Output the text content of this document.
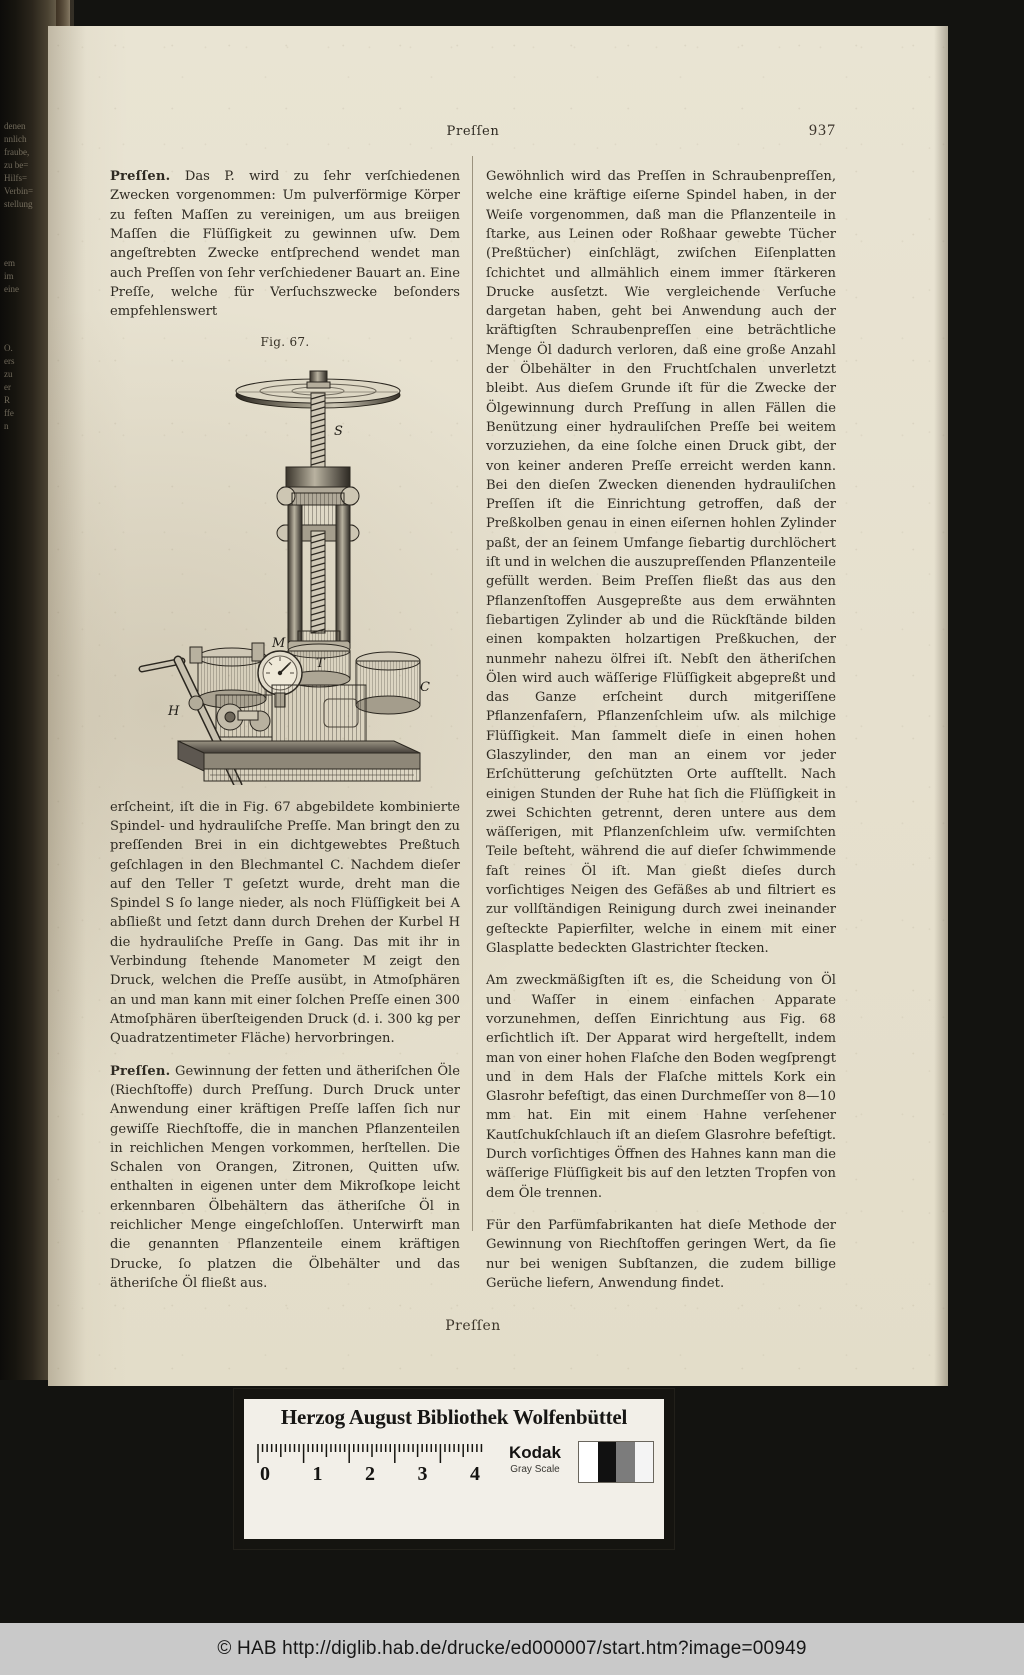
denen
nnlich
fraube,
zu be=
Hilfs=
Verbin=
stellung
em
im
eine
O.
ers
zu
er
R
ffe
n
Preſſen	937

Preſſen. Das P. wird zu ſehr verſchiedenen Zwecken vorgenommen: Um pulverförmige Körper zu feſten Maſſen zu vereinigen, um aus breiigen Maſſen die Flüſſigkeit zu gewinnen uſw. Dem angeſtrebten Zwecke entſprechend wendet man auch Preſſen von ſehr verſchiedener Bauart an. Eine Preſſe, welche für Verſuchszwecke beſonders empfehlenswert

Fig. 67.
S
T
C
M
H

erſcheint, iſt die in Fig. 67 abgebildete kombinierte Spindel- und hydrauliſche Preſſe. Man bringt den zu preſſenden Brei in ein dichtgewebtes Preßtuch geſchlagen in den Blechmantel C. Nachdem dieſer auf den Teller T geſetzt wurde, dreht man die Spindel S ſo lange nieder, als noch Flüſſigkeit bei A abſließt und ſetzt dann durch Drehen der Kurbel H die hydrauliſche Preſſe in Gang. Das mit ihr in Verbindung ſtehende Manometer M zeigt den Druck, welchen die Preſſe ausübt, in Atmoſphären an und man kann mit einer ſolchen Preſſe einen 300 Atmoſphären überſteigenden Druck (d. i. 300 kg per Quadratzentimeter Fläche) hervorbringen.

Preſſen. Gewinnung der fetten und ätheriſchen Öle (Riechſtoffe) durch Preſſung. Durch Druck unter Anwendung einer kräftigen Preſſe laſſen ſich nur gewiſſe Riechſtoffe, die in manchen Pflanzenteilen in reichlichen Mengen vorkommen, herſtellen. Die Schalen von Orangen, Zitronen, Quitten uſw. enthalten in eigenen unter dem Mikroſkope leicht erkennbaren Ölbehältern das ätheriſche Öl in reichlicher Menge eingeſchloſſen. Unterwirft man die genannten Pflanzenteile einem kräftigen Drucke, ſo platzen die Ölbehälter und das ätheriſche Öl fließt aus.

Gewöhnlich wird das Preſſen in Schraubenpreſſen, welche eine kräftige eiſerne Spindel haben, in der Weiſe vorgenommen, daß man die Pflanzenteile in ſtarke, aus Leinen oder Roßhaar gewebte Tücher (Preßtücher) einſchlägt, zwiſchen Eiſenplatten ſchichtet und allmählich einem immer ſtärkeren Drucke ausſetzt. Wie vergleichende Verſuche dargetan haben, geht bei Anwendung auch der kräftigſten Schraubenpreſſen eine beträchtliche Menge Öl dadurch verloren, daß eine große Anzahl der Ölbehälter in den Fruchtſchalen unverletzt bleibt. Aus dieſem Grunde iſt für die Zwecke der Ölgewinnung durch Preſſung in allen Fällen die Benützung einer hydrauliſchen Preſſe bei weitem vorzuziehen, da eine ſolche einen Druck gibt, der von keiner anderen Preſſe erreicht werden kann. Bei den dieſen Zwecken dienenden hydrauliſchen Preſſen iſt die Einrichtung getroffen, daß der Preßkolben genau in einen eiſernen hohlen Zylinder paßt, der an ſeinem Umfange ſiebartig durchlöchert iſt und in welchen die auszupreſſenden Pflanzenteile gefüllt werden. Beim Preſſen fließt das aus den Pflanzenſtoffen Ausgepreßte aus dem erwähnten ſiebartigen Zylinder ab und die Rückſtände bilden einen kompakten holzartigen Preßkuchen, der nunmehr nahezu ölfrei iſt. Nebſt den ätheriſchen Ölen wird auch wäſſerige Flüſſigkeit abgepreßt und das Ganze erſcheint durch mitgeriſſene Pflanzenfaſern, Pflanzenſchleim uſw. als milchige Flüſſigkeit. Man ſammelt dieſe in einen hohen Glaszylinder, den man an einem vor jeder Erſchütterung geſchützten Orte aufſtellt. Nach einigen Stunden der Ruhe hat ſich die Flüſſigkeit in zwei Schichten getrennt, deren untere aus dem wäſſerigen, mit Pflanzenſchleim uſw. vermiſchten Teile beſteht, während die auf dieſer ſchwimmende faſt reines Öl iſt. Man gießt dieſes durch vorſichtiges Neigen des Gefäßes ab und filtriert es zur vollſtändigen Reinigung durch zwei ineinander geſteckte Papierfilter, welche in einem mit einer Glasplatte bedeckten Glastrichter ſtecken.

Am zweckmäßigſten iſt es, die Scheidung von Öl und Waſſer in einem einfachen Apparate vorzunehmen, deſſen Einrichtung aus Fig. 68 erſichtlich iſt. Der Apparat wird hergeſtellt, indem man von einer hohen Flaſche den Boden wegſprengt und in dem Hals der Flaſche mittels Kork ein Glasrohr befeſtigt, das einen Durchmeſſer von 8—10 mm hat. Ein mit einem Hahne verſehener Kautſchukſchlauch iſt an dieſem Glasrohre befeſtigt. Durch vorſichtiges Öffnen des Hahnes kann man die wäſſerige Flüſſigkeit bis auf den letzten Tropfen von dem Öle trennen.

Für den Parfümfabrikanten hat dieſe Methode der Gewinnung von Riechſtoffen geringen Wert, da ſie nur bei wenigen Subſtanzen, die zudem billige Gerüche liefern, Anwendung findet.

Preſſen
Herzog August Bibliothek Wolfenbüttel
0 1 2 3 4
Kodak
Gray Scale
© HAB http://diglib.hab.de/drucke/ed000007/start.htm?image=00949
